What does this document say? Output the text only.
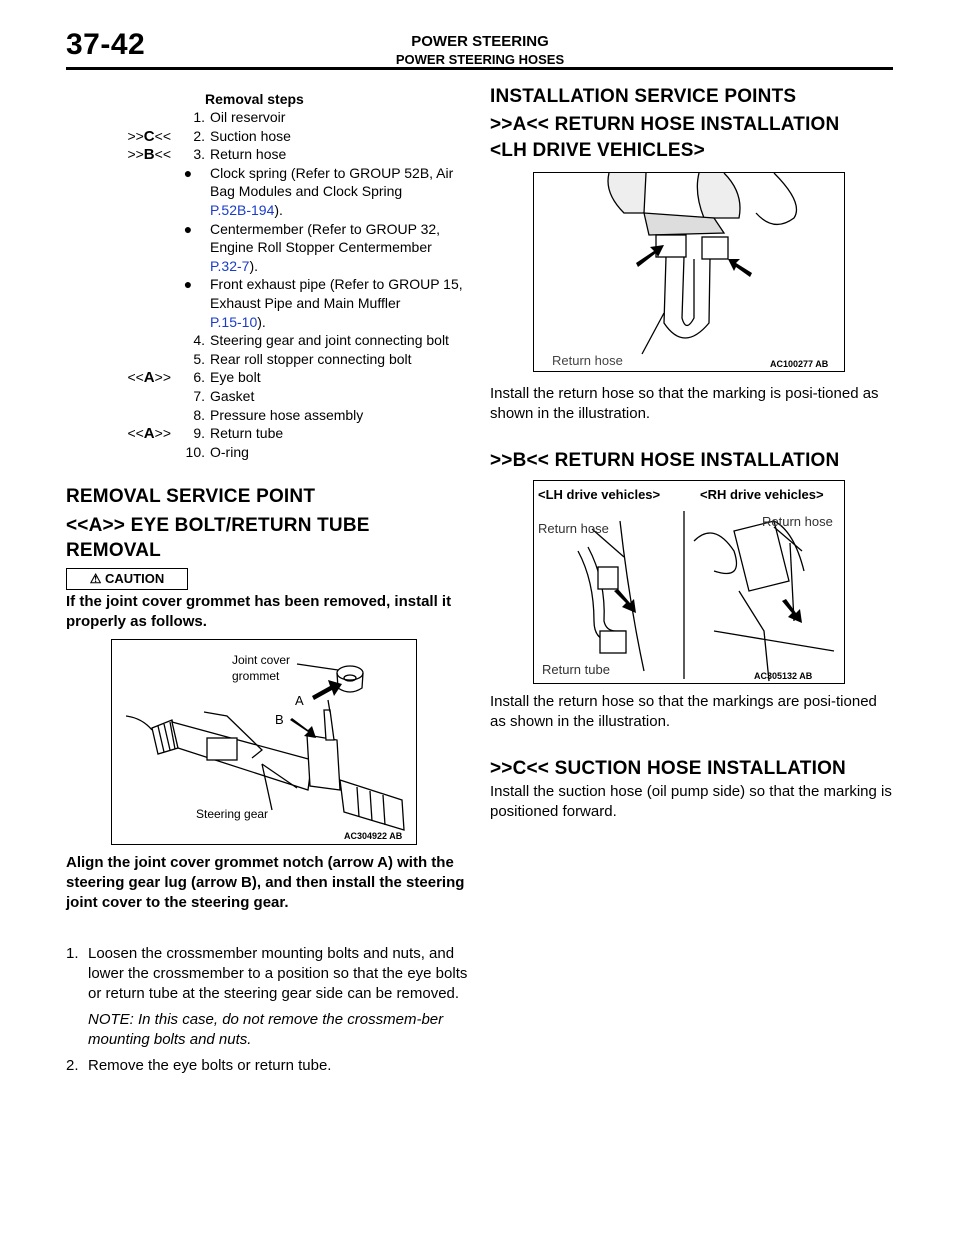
37-42	POWER STEERING
POWER STEERING HOSES
Removal steps
1. Oil reservoir
>>C<<	2. Suction hose
>>B<<	3. Return hose
●	Clock spring (Refer to GROUP 52B, Air Bag Modules and Clock Spring
P.52B-194).
●	Centermember (Refer to GROUP 32, Engine Roll Stopper Centermember
P.32-7).
●	Front exhaust pipe (Refer to GROUP 15, Exhaust Pipe and Main Muffler
P.15-10).
4. Steering gear and joint connecting bolt
5. Rear roll stopper connecting bolt
<<A>>	6. Eye bolt
7. Gasket
8. Pressure hose assembly
<<A>>	9. Return tube
10. O-ring
REMOVAL SERVICE POINT
<<A>> EYE BOLT/RETURN TUBE
REMOVAL
⚠ CAUTION
If the joint cover grommet has been removed, install it properly as follows.
Joint cover
grommet
A
B
Steering gear
AC304922 AB
Align the joint cover grommet notch (arrow A) with the steering gear lug (arrow B), and then install the steering joint cover to the steering gear.
1. Loosen the crossmember mounting bolts and nuts, and lower the crossmember to a position so that the eye bolts or return tube at the steering gear side can be removed.
NOTE: In this case, do not remove the crossmem-ber mounting bolts and nuts.
2. Remove the eye bolts or return tube.
INSTALLATION SERVICE POINTS
>>A<< RETURN HOSE INSTALLATION
<LH DRIVE VEHICLES>
Return hose	AC100277 AB
Install the return hose so that the marking is posi-tioned as shown in the illustration.
>>B<< RETURN HOSE INSTALLATION
<LH drive vehicles>	<RH drive vehicles>
Return hose	Return hose
Return tube	AC305132 AB
Install the return hose so that the markings are posi-tioned as shown in the illustration.
>>C<< SUCTION HOSE INSTALLATION
Install the suction hose (oil pump side) so that the marking is positioned forward.
